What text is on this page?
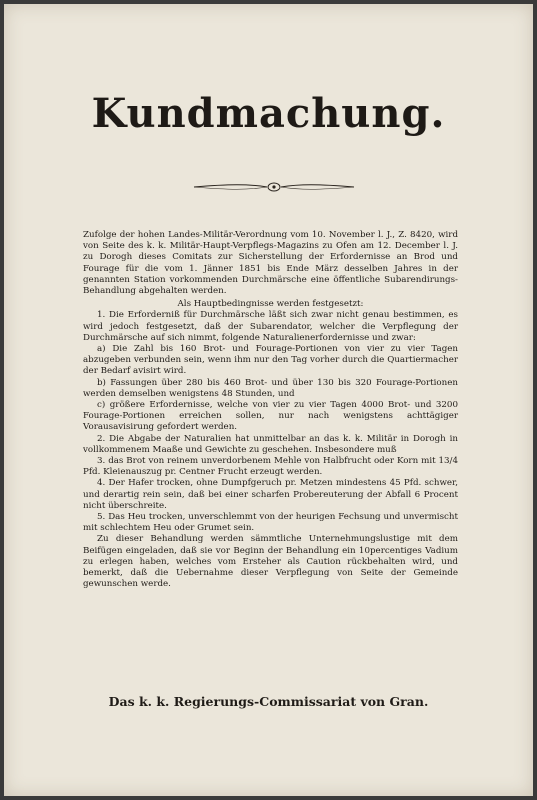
Kundmachung.

Zufolge der hohen Landes-Militär-Verordnung vom 10. November l. J., Z. 8420, wird von Seite des k. k. Militär-Haupt-Verpflegs-Magazins zu Ofen am 12. December l. J. zu Dorogh dieses Comitats zur Sicherstellung der Erfordernisse an Brod und Fourage für die vom 1. Jänner 1851 bis Ende März desselben Jahres in der genannten Station vorkommenden Durchmärsche eine öffentliche Subarendirungs-Behandlung abgehalten werden.

Als Hauptbedingnisse werden festgesetzt:

1. Die Erforderniß für Durchmärsche läßt sich zwar nicht genau bestimmen, es wird jedoch festgesetzt, daß der Subarendator, welcher die Verpflegung der Durchmärsche auf sich nimmt, folgende Naturalienerfordernisse und zwar:

a) Die Zahl bis 160 Brot- und Fourage-Portionen von vier zu vier Tagen abzugeben verbunden sein, wenn ihm nur den Tag vorher durch die Quartiermacher der Bedarf avisirt wird.

b) Fassungen über 280 bis 460 Brot- und über 130 bis 320 Fourage-Portionen werden demselben wenigstens 48 Stunden, und

c) größere Erfordernisse, welche von vier zu vier Tagen 4000 Brot- und 3200 Fourage-Portionen erreichen sollen, nur nach wenigstens achttägiger Vorausavisirung gefordert werden.

2. Die Abgabe der Naturalien hat unmittelbar an das k. k. Militär in Dorogh in vollkommenem Maaße und Gewichte zu geschehen. Insbesondere muß

3. das Brot von reinem unverdorbenem Mehle von Halbfrucht oder Korn mit 13/4 Pfd. Kleienauszug pr. Centner Frucht erzeugt werden.

4. Der Hafer trocken, ohne Dumpfgeruch pr. Metzen mindestens 45 Pfd. schwer, und derartig rein sein, daß bei einer scharfen Probereuterung der Abfall 6 Procent nicht überschreite.

5. Das Heu trocken, unverschlemmt von der heurigen Fechsung und unvermischt mit schlechtem Heu oder Grumet sein.

Zu dieser Behandlung werden sämmtliche Unternehmungslustige mit dem Beifügen eingeladen, daß sie vor Beginn der Behandlung ein 10percentiges Vadium zu erlegen haben, welches vom Ersteher als Caution rückbehalten wird, und bemerkt, daß die Uebernahme dieser Verpflegung von Seite der Gemeinde gewunschen werde.

Das k. k. Regierungs-Commissariat von Gran.
